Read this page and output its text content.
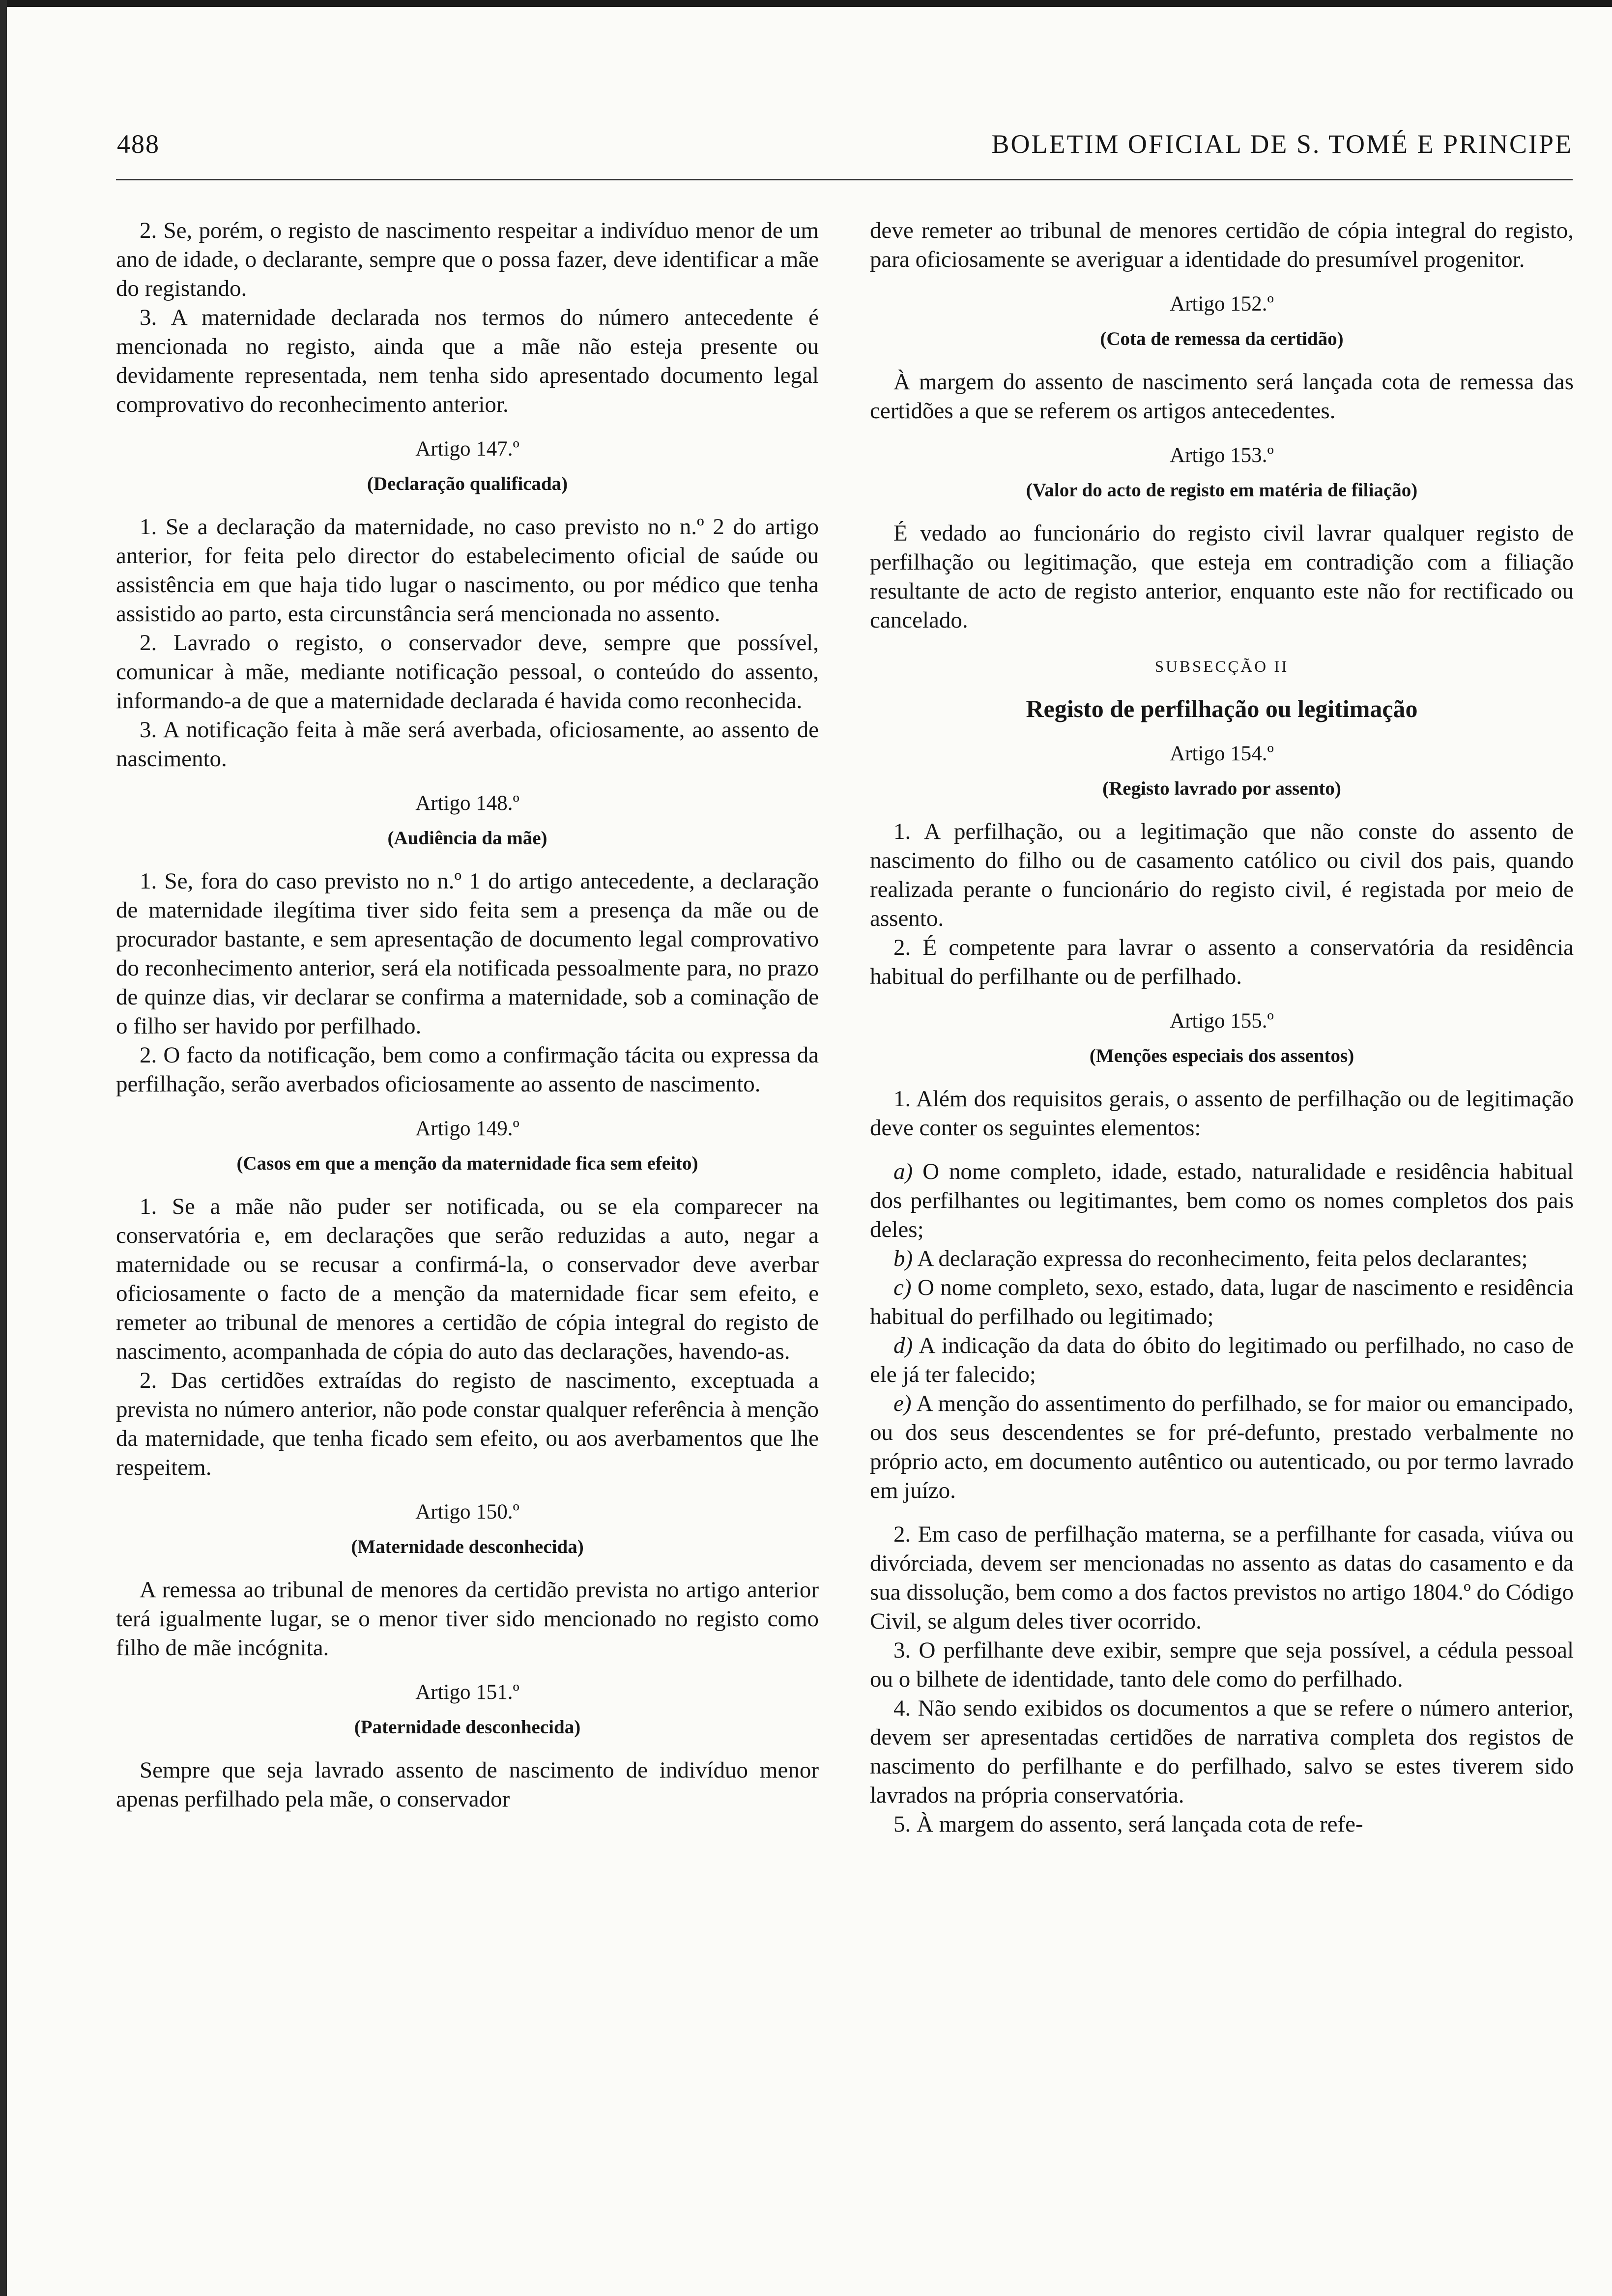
488	BOLETIM OFICIAL DE S. TOMÉ E PRINCIPE

2. Se, porém, o registo de nascimento respeitar a indivíduo menor de um ano de idade, o declarante, sempre que o possa fazer, deve identificar a mãe do registando.

3. A maternidade declarada nos termos do número antecedente é mencionada no registo, ainda que a mãe não esteja presente ou devidamente representada, nem tenha sido apresentado documento legal comprovativo do reconhecimento anterior.

Artigo 147.º

(Declaração qualificada)

1. Se a declaração da maternidade, no caso previsto no n.º 2 do artigo anterior, for feita pelo director do estabelecimento oficial de saúde ou assistência em que haja tido lugar o nascimento, ou por médico que tenha assistido ao parto, esta circunstância será mencionada no assento.

2. Lavrado o registo, o conservador deve, sempre que possível, comunicar à mãe, mediante notificação pessoal, o conteúdo do assento, informando-a de que a maternidade declarada é havida como reconhecida.

3. A notificação feita à mãe será averbada, oficiosamente, ao assento de nascimento.

Artigo 148.º

(Audiência da mãe)

1. Se, fora do caso previsto no n.º 1 do artigo antecedente, a declaração de maternidade ilegítima tiver sido feita sem a presença da mãe ou de procurador bastante, e sem apresentação de documento legal comprovativo do reconhecimento anterior, será ela notificada pessoalmente para, no prazo de quinze dias, vir declarar se confirma a maternidade, sob a cominação de o filho ser havido por perfilhado.

2. O facto da notificação, bem como a confirmação tácita ou expressa da perfilhação, serão averbados oficiosamente ao assento de nascimento.

Artigo 149.º

(Casos em que a menção da maternidade fica sem efeito)

1. Se a mãe não puder ser notificada, ou se ela comparecer na conservatória e, em declarações que serão reduzidas a auto, negar a maternidade ou se recusar a confirmá-la, o conservador deve averbar oficiosamente o facto de a menção da maternidade ficar sem efeito, e remeter ao tribunal de menores a certidão de cópia integral do registo de nascimento, acompanhada de cópia do auto das declarações, havendo-as.

2. Das certidões extraídas do registo de nascimento, exceptuada a prevista no número anterior, não pode constar qualquer referência à menção da maternidade, que tenha ficado sem efeito, ou aos averbamentos que lhe respeitem.

Artigo 150.º

(Maternidade desconhecida)

A remessa ao tribunal de menores da certidão prevista no artigo anterior terá igualmente lugar, se o menor tiver sido mencionado no registo como filho de mãe incógnita.

Artigo 151.º

(Paternidade desconhecida)

Sempre que seja lavrado assento de nascimento de indivíduo menor apenas perfilhado pela mãe, o conservador

deve remeter ao tribunal de menores certidão de cópia integral do registo, para oficiosamente se averiguar a identidade do presumível progenitor.

Artigo 152.º

(Cota de remessa da certidão)

À margem do assento de nascimento será lançada cota de remessa das certidões a que se referem os artigos antecedentes.

Artigo 153.º

(Valor do acto de registo em matéria de filiação)

É vedado ao funcionário do registo civil lavrar qualquer registo de perfilhação ou legitimação, que esteja em contradição com a filiação resultante de acto de registo anterior, enquanto este não for rectificado ou cancelado.

SUBSECÇÃO II

Registo de perfilhação ou legitimação

Artigo 154.º

(Registo lavrado por assento)

1. A perfilhação, ou a legitimação que não conste do assento de nascimento do filho ou de casamento católico ou civil dos pais, quando realizada perante o funcionário do registo civil, é registada por meio de assento.

2. É competente para lavrar o assento a conservatória da residência habitual do perfilhante ou de perfilhado.

Artigo 155.º

(Menções especiais dos assentos)

1. Além dos requisitos gerais, o assento de perfilhação ou de legitimação deve conter os seguintes elementos:

a) O nome completo, idade, estado, naturalidade e residência habitual dos perfilhantes ou legitimantes, bem como os nomes completos dos pais deles;

b) A declaração expressa do reconhecimento, feita pelos declarantes;

c) O nome completo, sexo, estado, data, lugar de nascimento e residência habitual do perfilhado ou legitimado;

d) A indicação da data do óbito do legitimado ou perfilhado, no caso de ele já ter falecido;

e) A menção do assentimento do perfilhado, se for maior ou emancipado, ou dos seus descendentes se for pré-defunto, prestado verbalmente no próprio acto, em documento autêntico ou autenticado, ou por termo lavrado em juízo.

2. Em caso de perfilhação materna, se a perfilhante for casada, viúva ou divórciada, devem ser mencionadas no assento as datas do casamento e da sua dissolução, bem como a dos factos previstos no artigo 1804.º do Código Civil, se algum deles tiver ocorrido.

3. O perfilhante deve exibir, sempre que seja possível, a cédula pessoal ou o bilhete de identidade, tanto dele como do perfilhado.

4. Não sendo exibidos os documentos a que se refere o número anterior, devem ser apresentadas certidões de narrativa completa dos registos de nascimento do perfilhante e do perfilhado, salvo se estes tiverem sido lavrados na própria conservatória.

5. À margem do assento, será lançada cota de refe-
